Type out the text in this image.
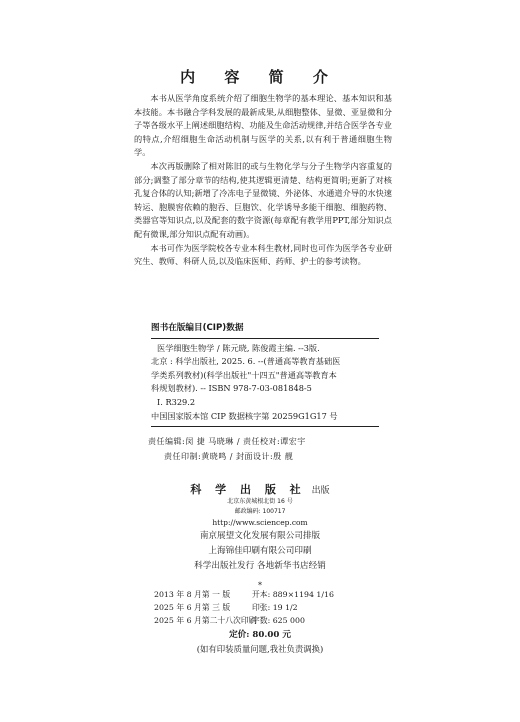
内 容 简 介

本书从医学角度系统介绍了细胞生物学的基本理论、基本知识和基本技能。本书融合学科发展的最新成果,从细胞整体、显微、亚显微和分子等各级水平上阐述细胞结构、功能及生命活动规律,并结合医学各专业的特点,介绍细胞生命活动机制与医学的关系,以有利于普通细胞生物学。

本次再版删除了相对陈旧的或与生物化学与分子生物学内容重复的部分;调整了部分章节的结构,使其逻辑更清楚、结构更简明;更新了对核孔复合体的认知;新增了冷冻电子显微镜、外泌体、水通道介导的水快速转运、胞膜窖依赖的胞吞、巨胞饮、化学诱导多能干细胞、细胞药物、类器官等知识点,以及配套的数字资源(每章配有教学用PPT,部分知识点配有微课,部分知识点配有动画)。

本书可作为医学院校各专业本科生教材,同时也可作为医学各专业研究生、教师、科研人员,以及临床医师、药师、护士的参考读物。

图书在版编目(CIP)数据
医学细胞生物学 / 陈元晓, 陈俊霞主编. --3版.
北京 : 科学出版社, 2025. 6. --(普通高等教育基础医
学类系列教材)(科学出版社"十四五"普通高等教育本
科规划教材). -- ISBN 978-7-03-081848-5
Ⅰ. R329.2
中国国家版本馆 CIP 数据核字第 20259G1G17 号
责任编辑:闵 捷 马晓琳 / 责任校对:谭宏宇
责任印制:黄晓鸣 / 封面设计:殷 靓
科 学 出 版 社 出版
北京东黄城根北街 16 号
邮政编码: 100717
http://www.sciencep.com
南京展望文化发展有限公司排版
上海锦佳印刷有限公司印刷
科学出版社发行 各地新华书店经销
*
2013 年 8 月第 一 版	开本: 889×1194 1/16
2025 年 6 月第 三 版	印张: 19 1/2
2025 年 6 月第二十八次印刷
字数: 625 000
定价: 80.00 元
(如有印装质量问题,我社负责调换)
